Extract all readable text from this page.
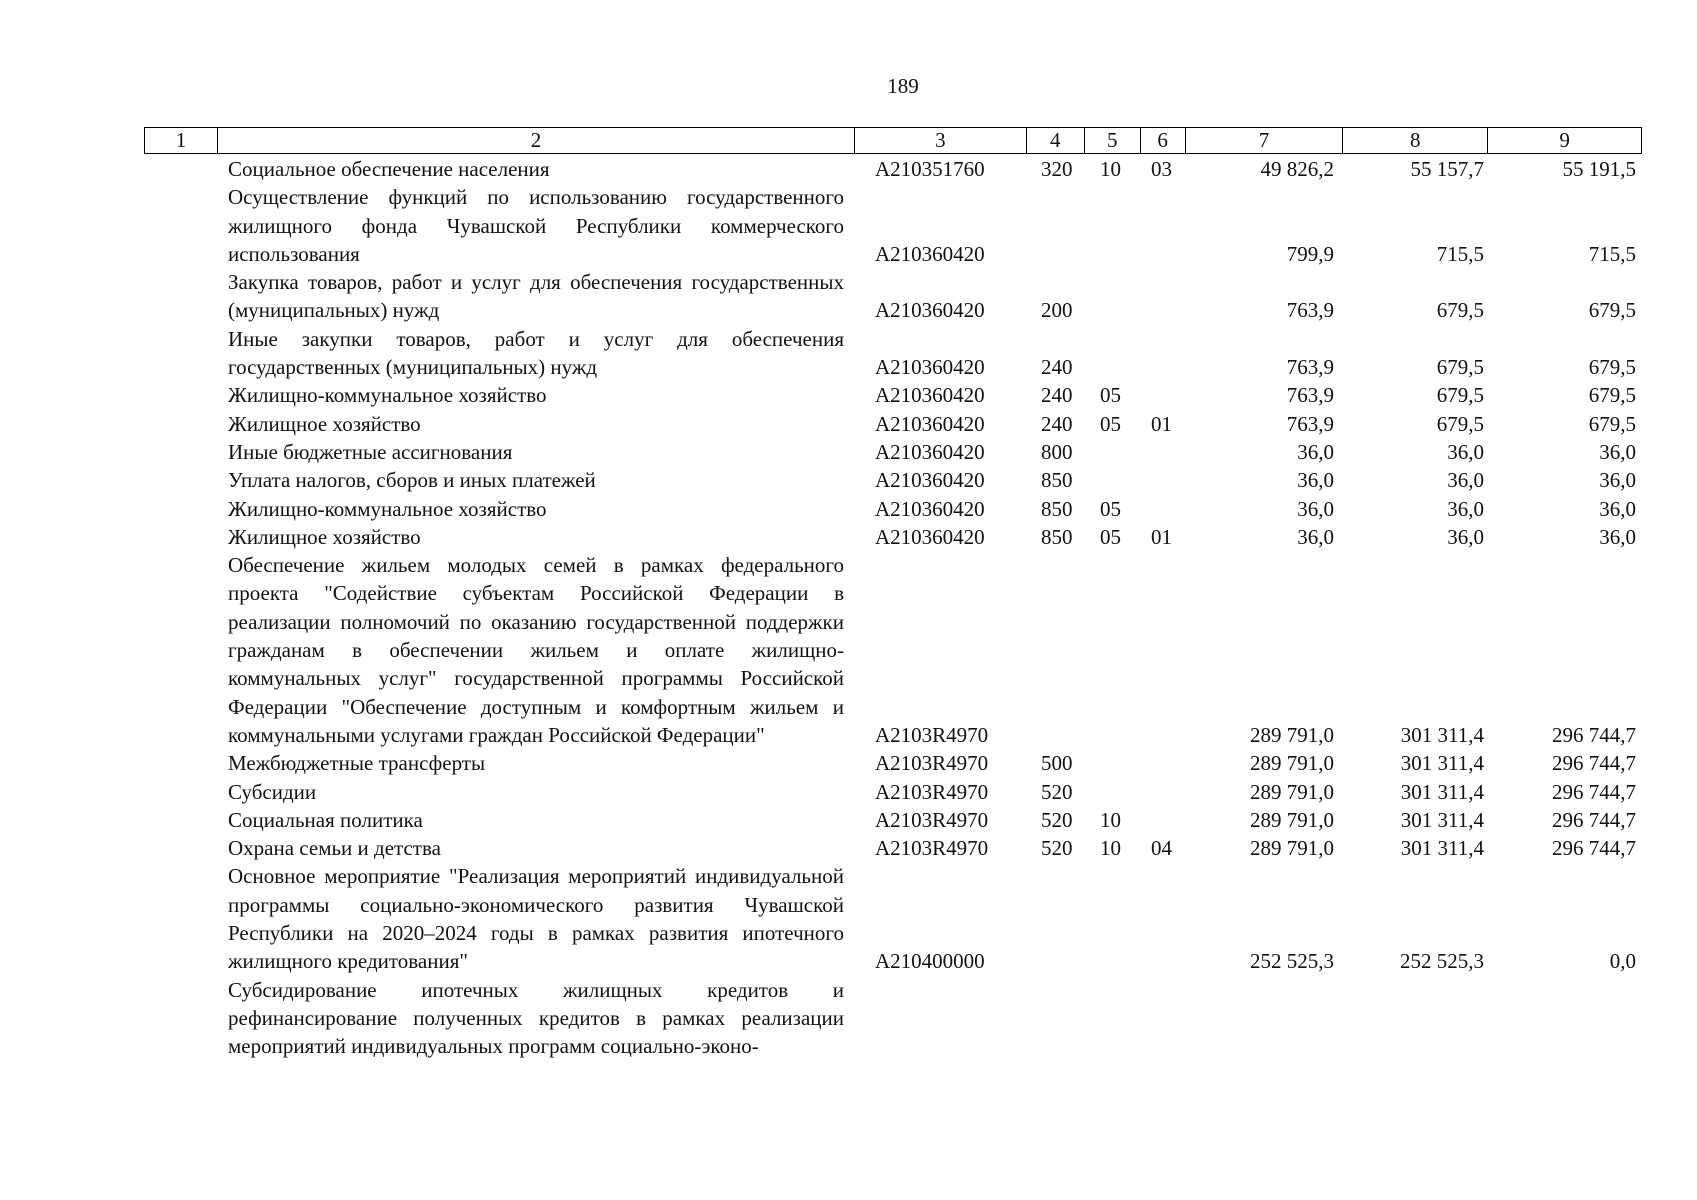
189
1	2	3	4	5	6	7	8	9
Социальное обеспечение населения	A210351760	320 10 03	49 826,2	55 157,7	55 191,5
Осуществление функций по использованию государственного жилищного фонда Чувашской Республики коммерческого использования	A210360420	799,9	715,5	715,5
Закупка товаров, работ и услуг для обеспечения государственных (муниципальных) нужд	A210360420	200	763,9	679,5	679,5
Иные закупки товаров, работ и услуг для обеспечения государственных (муниципальных) нужд	A210360420	240	763,9	679,5	679,5
Жилищно-коммунальное хозяйство	A210360420	240 05	763,9	679,5	679,5
Жилищное хозяйство	A210360420	240 05 01	763,9	679,5	679,5
Иные бюджетные ассигнования	A210360420	800	36,0	36,0	36,0
Уплата налогов, сборов и иных платежей	A210360420	850	36,0	36,0	36,0
Жилищно-коммунальное хозяйство	A210360420	850 05	36,0	36,0	36,0
Жилищное хозяйство	A210360420	850 05 01	36,0	36,0	36,0
Обеспечение жильем молодых семей в рамках федерального проекта "Содействие субъектам Российской Федерации в реализации полномочий по оказанию государственной поддержки гражданам в обеспечении жильем и оплате жилищно-коммунальных услуг" государственной программы Российской Федерации "Обеспечение доступным и комфортным жильем и коммунальными услугами граждан Российской Федерации"	A2103R4970	289 791,0	301 311,4	296 744,7
Межбюджетные трансферты	A2103R4970	500	289 791,0	301 311,4	296 744,7
Субсидии	A2103R4970	520	289 791,0	301 311,4	296 744,7
Социальная политика	A2103R4970	520 10	289 791,0	301 311,4	296 744,7
Охрана семьи и детства	A2103R4970	520 10 04	289 791,0	301 311,4	296 744,7
Основное мероприятие "Реализация мероприятий индивидуальной программы социально-экономического развития Чувашской Республики на 2020–2024 годы в рамках развития ипотечного жилищного кредитования"	A210400000	252 525,3	252 525,3	0,0
Субсидирование ипотечных жилищных кредитов и рефинансирование полученных кредитов в рамках реализации мероприятий индивидуальных программ социально-эконо-
